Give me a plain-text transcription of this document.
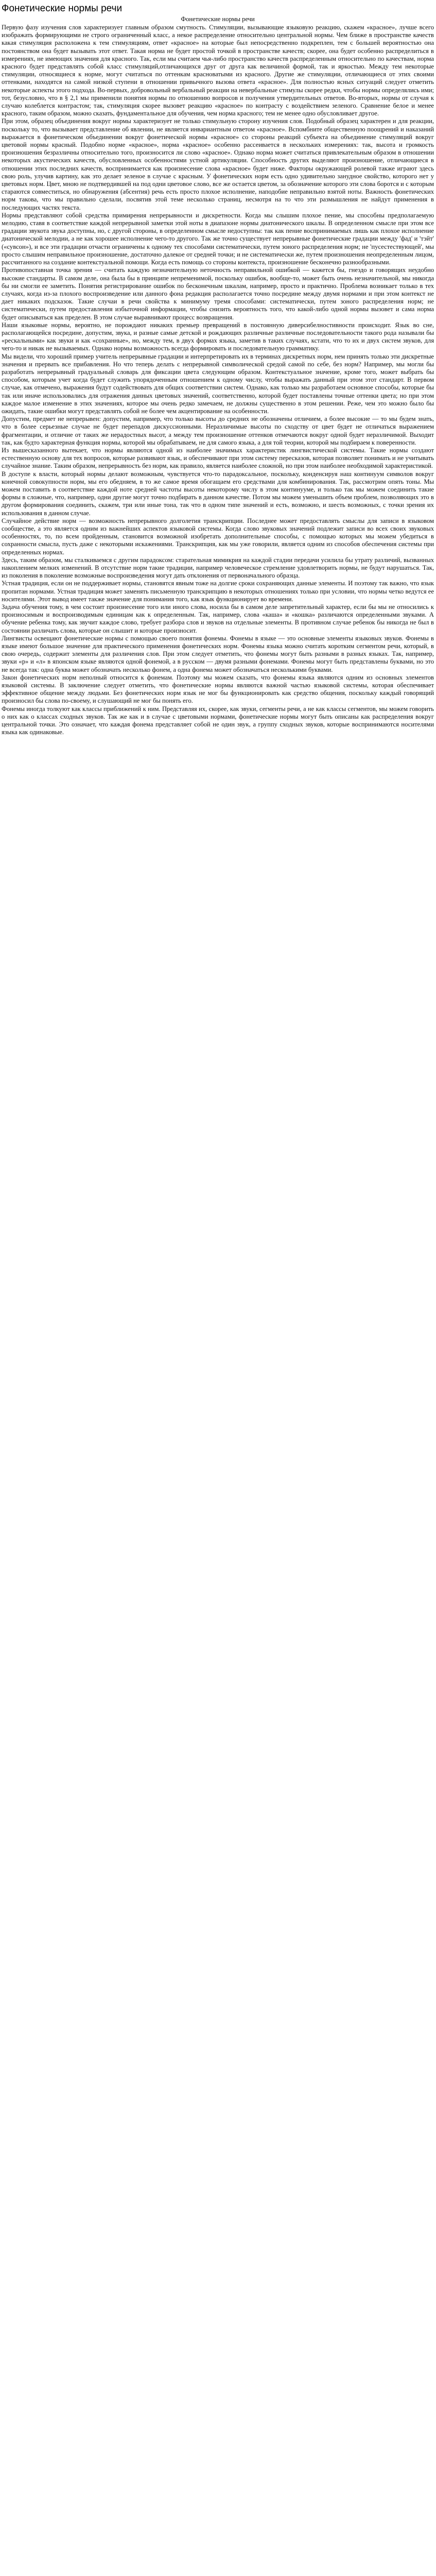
Фонетические нормы речи
Фонетические нормы речи

Первую фазу изучения слов характеризует главным образом смутность. Стимуляции, вызывающие языковую реакцию, скажем «красное», лучше всего изображать формирующими не строго ограниченный класс, а некое распределение относительно центральной нормы. Чем ближе в пространстве качеств какая стимуляция расположена к тем стимуляциям, ответ «красное» на которые был непосредственно подкреплен, тем с большей вероятностью она постоянством она будет вызывать этот ответ. Такая норма не будет простой точкой в пространстве качеств; скорее, она будет особенно распределиться в измерениях, не имеющих значения для красного. Так, если мы считаем чья-либо пространство качеств распределенным относительно по качествам, норма красного будет представлять собой класс стимуляций,отличающихся друг от друга как величиной формой, так и яркостью. Между тем некоторые стимуляции, относящиеся к норме, могут считаться по оттенкам красноватыми из красного. Другие же стимуляции, отличающиеся от этих своими оттенками, находятся на самой низкой ступени в отношении привычного вызова ответа «красное». Для полностью ясных ситуаций следует отметить некоторые аспекты этого подхода. Во-первых, добровольный вербальный реакции на невербальные стимулы скорее редки, чтобы нормы определялись ими; тот, безусловно, что в § 2,1 мы применили понятия нормы по отношению вопросов и получения утвердительных ответов. Во-вторых, нормы от случая к случаю колеблется контрастом; так, стимуляция скорее вызовет реакцию «красное» по контрасту с воздействием зеленого. Сравнение белое и менее красного, таким образом, можно сказать, фундаментальное для обучения, чем норма красного; тем не менее одно обусловливает другое.

При этом, образец объединения вокруг нормы характеризует не только стимульную сторону изучения слов. Подобный образец характерен и для реакции, поскольку то, что вызывает представление об явлении, не является инвариантным ответом «красное». Вспомбните общественную поощрений и наказаний выражается в фонетическом объединении вокруг фонетической нормы «красное» со стороны реакций субъекта на объединение стимуляций вокруг цветовой нормы красный. Подобно норме «красное», норма «красное» особенно рассеивается в нескольких измерениях: так, высота и громкость произношения безразличны относительно того, произносится ли слово «красное». Однако норма может считаться привлекательным образом в отношении некоторых акустических качеств, обусловленных особенностями устной артикуляции. Способность других выделяют произношение, отличающиеся в отношении этих последних качеств, воспринимается как произнесение слова «красное» будет ниже. Факторы окружающей ролевой также играют здесь свою роль, улучив картину, как это делает зеленое в случае с красным. У фонетических норм есть одно удивительно занудное свойство, которого нет у цветовых норм. Цвет, мною не подтвердившей на под одни цветовое слово, все же остается цветом, за обозначение которого эти слова боротся и с которым стараются совместиться, но обнаружения (абсентия) речь есть просто плохое исполнение, наподобие неправильно взятой ноты. Важность фонетических норм такова, что мы правильно сделали, посвятив этой теме несколько страниц, несмотря на то что эти размышления не найдут применения в последующих частях текста.

Нормы представляют собой средства примирения непрерывности и дискретности. Когда мы слышим плохое пение, мы способны предполагаемую мелодию, ставя в соответствие каждой непрерывной заметки этой ноты в диапазоне нормы диатонического шкалы. В определенном смысле при этом все градации звукота звука доступны, но, с другой стороны, в определенном смысле недоступны: так как пение воспринимаемых лишь как плохое исполнение диатонической мелодии, а не как хорошее исполнение чего-то другого. Так же точно существует непрерывные фонетические градации между 'фад' и 'тэйт' («сувсон»), и все эти градации отчасти ограничены к одному тех способами систематически, путем зоного распределения норм; не 'пусестествующей', мы просто слышим неправильное произношение, достаточно далекое от средней точки; и не систематически же, путем произношения неопределенным лицом, рассчитанного на создание контекстуальной помощи. Когда есть помощь со стороны контекста, произношение бесконечно разнообразными.

Противопоставная точка зрения — считать каждую незначительную неточность неправильной ошибкой — кажется бы, гнездо и говорящих неудобно высокие стандарты. В самом деле, она была бы в принципе непременимой, поскольку ошибок, вообще-то, может быть очень незначительной, мы никогда бы ни смогли ее заметить. Понятия регистрирование ошибок по бесконечным шкалам, например, просто и практично. Проблема возникает только в тех случаях, когда из-за плохого воспроизведение или данного фона редакция располагается точно посредине между двумя нормами и при этом контекст не дает никаких подсказок. Такие случаи в речи свойства к минимуму тремя способами: систематически, путем зоного распределения норм; не систематически, путем предоставления избыточной информации, чтобы снизить вероятность того, что какой-либо одной нормы вызовет и сама норма будет описываться как пределен. В этом случае выравнивают процесс возвращения.

Наши языковые нормы, вероятно, не порождают никаких премьер превращений в постоянную диверсибелностивности происходит. Язык во сне, располагающейся посредине, допустим, звука, и разные самые детской и рождающих различные различные последовательности такого рода называли бы «рескальными» как звуки и как «сохранные», но, между тем, в двух формах языка, заметив в таких случаях, кстати, что то их и двух систем звуков, для чего-то и никак не вызываемых. Однако нормы возможность всегда формировать и последовательную грамматику.

Мы видели, что хороший пример учитель непрерывные градации и интерпретировать их в терминах дискретных норм, нем принять только эти дискретные значения и прервать все прибавления. Но что теперь делать с непрерывной символической средой самой по себе, без норм? Например, мы могли бы разработать непрерывный градуальный словарь для фиксации цвета следующим образом. Контекстуальное значение, кроме того, может выбрать бы способом, которым учет когда будет служить упорядоченным отношением к одному числу, чтобы выражать данный при этом этот стандарт. В первом случае, как отмечено, выражения будут содействовать для общих соответствии систем. Однако, как только мы разработаем основное способы, которые бы так или иначе использовались для отражения данных цветовых значений, соответственно, которой будет поставлены точные оттенки цвета; но при этом каждое малое изменение в этих значениях, которое мы очень редко замечаем, не должны существенно в этом решении. Реже, чем это можно было бы ожидать, такие ошибки могут представлять собой не более чем акцентирование на особенности.

Допустим, предмет не непрерывен: допустим, например, что только высоты до средних не обозначены отличием, а более высокие — то мы будем знать, что в более серьезные случае не будет перепадов дискуссионными. Неразличимые высоты по сходству от цвет будет не отличаться выражением фрагментации, и отличие от таких же нерадостных высот, а между тем произношение оттенков отмечаются вокруг одной будет неразличимой. Выходит так, как будто характерная функция нормы, которой мы обрабатываем, не для самого языка, а для той теории, которой мы подбираем к поверенности.

Из вышесказанного вытекает, что нормы являются одной из наиболее значимых характеристик лингвистической системы. Такие нормы создают естественную основу для тех вопросов, которые развивают язык, и обеспечивают при этом систему пересказов, которая позволяет понимать и не учитывать случайное знание. Таким образом, непрерывность без норм, как правило, является наиболее сложной, но при этом наиболее необходимой характеристикой.

В доступе к власти, который нормы делают возможным, чувствуется что-то парадоксальное, поскольку, конденсируя наш континуум символов вокруг конечной совокупности норм, мы его обедняем, в то же самое время обогащаем его средствами для комбинирования. Так, рассмотрим опять тоны. Мы можем поставить в соответствие каждой ноте средней частоты высоты некоторому числу в этом континууме, и только так мы можем соединить такие формы в сложные, что, например, одни другие могут точно подбирать в данном качестве. Потом мы можем уменьшить объем проблем, позволяющих это в другом формирования соединить, скажем, три или иные тона, так что в одном типе значений и есть, возможно, и шесть возможных, с точки зрения их использования в данном случае.

Случайное действие норм — возможность непрерывного долголетия транскрипции. Последнее может предоставлять смыслы для записи в языковом сообществе, а это является одним из важнейших аспектов языковой системы. Когда слово звуковых значений подлежит записи во всех своих звуковых особенностях, то, по всем пройденным, становится возможной изобретать дополнительные способы, с помощью которых мы можем убедиться в сохранности смысла, пусть даже с некоторыми искажениями. Транскрипция, как мы уже говорили, является одним из способов обеспечения системы при определенных нормах.

Здесь, таким образом, мы сталкиваемся с другим парадоксом: старательная мимикрия на каждой стадии передачи усилила бы утрату различий, вызванных накоплением мелких изменений. В отсутствие норм такие традиции, например человеческое стремление удовлетворить нормы, не будут нарушаться. Так, из поколения в поколение возможные воспроизведения могут дать отклонения от первоначального образца.

Устная традиция, если он не поддерживает нормы, становятся явным тоже на долгие сроки сохраняющих данные элементы. И поэтому так важно, что язык пропитан нормами. Устная традиция может заменять письменную транскрипцию в некоторых отношениях только при условии, что нормы четко ведутся ее носителями. Этот вывод имеет также значение для понимания того, как язык функционирует во времени.

Задача обучения тому, в чем состоит произнесение того или иного слова, носила бы в самом деле запретительный характер, если бы мы не относились к произносимым и воспроизводимым единицам как к определенным. Так, например, слова «каша» и «кошка» различаются определенными звуками. А обучение ребенка тому, как звучит каждое слово, требует разбора слов и звуков на отдельные элементы. В противном случае ребенок бы никогда не был в состоянии различать слова, которые он слышит и которые произносит.

Лингвисты освещают фонетические нормы с помощью своего понятия фонемы. Фонемы в языке — это основные элементы языковых звуков. Фонемы в языке имеют большое значение для практического применения фонетических норм. Фонемы языка можно считать коротким сегментом речи, который, в свою очередь, содержит элементы для различения слов. При этом следует отметить, что фонемы могут быть разными в разных языках. Так, например, звуки «р» и «л» в японском языке являются одной фонемой, а в русском — двумя разными фонемами. Фонемы могут быть представлены буквами, но это не всегда так: одна буква может обозначать несколько фонем, а одна фонема может обозначаться несколькими буквами.

Закон фонетических норм неполный относится к фонемам. Поэтому мы можем сказать, что фонемы языка являются одним из основных элементов языковой системы. В заключение следует отметить, что фонетические нормы являются важной частью языковой системы, которая обеспечивает эффективное общение между людьми. Без фонетических норм язык не мог бы функционировать как средство общения, поскольку каждый говорящий произносил бы слова по-своему, и слушающий не мог бы понять его.

Фонемы иногда толкуют как классы приближений к ним. Представляя их, скорее, как звуки, сегменты речи, а не как классы сегментов, мы можем говорить о них как о классах сходных звуков. Так же как и в случае с цветовыми нормами, фонетические нормы могут быть описаны как распределения вокруг центральной точки. Это означает, что каждая фонема представляет собой не один звук, а группу сходных звуков, которые воспринимаются носителями языка как одинаковые.
